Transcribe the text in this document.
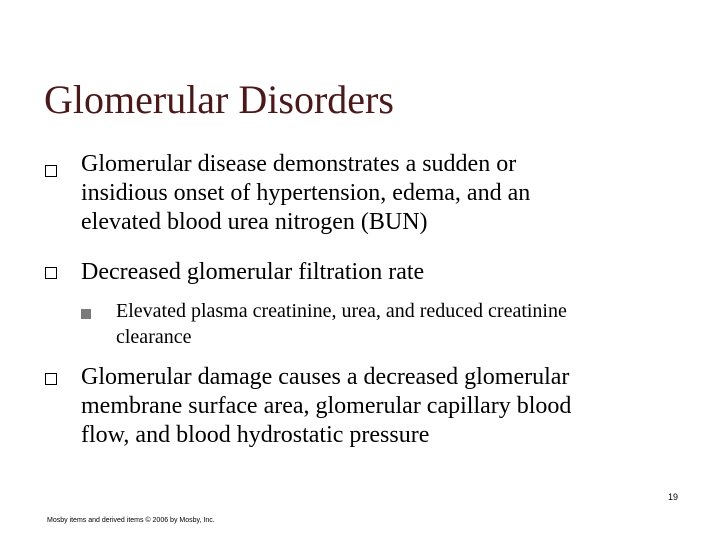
Glomerular Disorders
Glomerular disease demonstrates a sudden or
insidious onset of hypertension, edema, and an
elevated blood urea nitrogen (BUN)
Decreased glomerular filtration rate
Elevated plasma creatinine, urea, and reduced creatinine
clearance
Glomerular damage causes a decreased glomerular
membrane surface area, glomerular capillary blood
flow, and blood hydrostatic pressure
19
Mosby items and derived items © 2006 by Mosby, Inc.
